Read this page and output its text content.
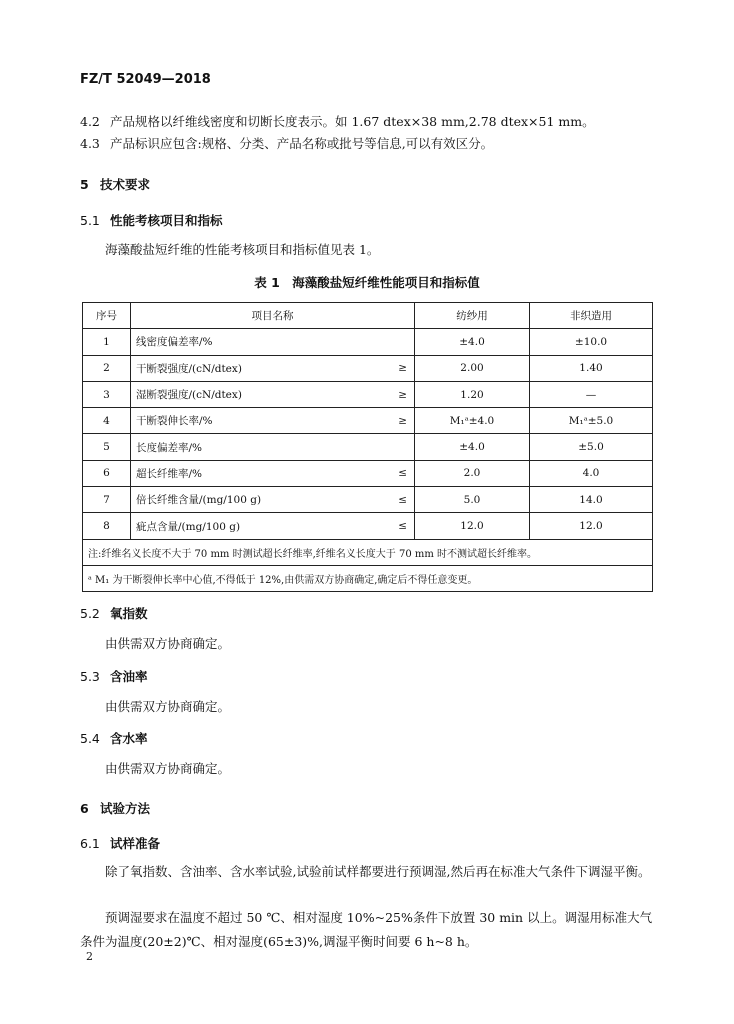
FZ/T 52049—2018
4.2 产品规格以纤维线密度和切断长度表示。如 1.67 dtex×38 mm,2.78 dtex×51 mm。
4.3 产品标识应包含:规格、分类、产品名称或批号等信息,可以有效区分。
5 技术要求
5.1 性能考核项目和指标
海藻酸盐短纤维的性能考核项目和指标值见表 1。
表 1　海藻酸盐短纤维性能项目和指标值
序号	项目名称	纺纱用	非织造用
1	线密度偏差率/%	±4.0	±10.0
2	干断裂强度/(cN/dtex) ≥	2.00	1.40
3	湿断裂强度/(cN/dtex) ≥	1.20	—
4	干断裂伸长率/% ≥	M₁ᵃ±4.0	M₁ᵃ±5.0
5	长度偏差率/%	±4.0	±5.0
6	超长纤维率/% ≤	2.0	4.0
7	倍长纤维含量/(mg/100 g) ≤	5.0	14.0
8	疵点含量/(mg/100 g) ≤	12.0	12.0
注:纤维名义长度不大于 70 mm 时测试超长纤维率,纤维名义长度大于 70 mm 时不测试超长纤维率。			
ᵃ M₁ 为干断裂伸长率中心值,不得低于 12%,由供需双方协商确定,确定后不得任意变更。			
5.2 氧指数
由供需双方协商确定。
5.3 含油率
由供需双方协商确定。
5.4 含水率
由供需双方协商确定。
6 试验方法
6.1 试样准备
除了氧指数、含油率、含水率试验,试验前试样都要进行预调湿,然后再在标准大气条件下调湿平衡。
预调湿要求在温度不超过 50 ℃、相对湿度 10%~25%条件下放置 30 min 以上。调湿用标准大气条件为温度(20±2)℃、相对湿度(65±3)%,调湿平衡时间要 6 h~8 h。
2
